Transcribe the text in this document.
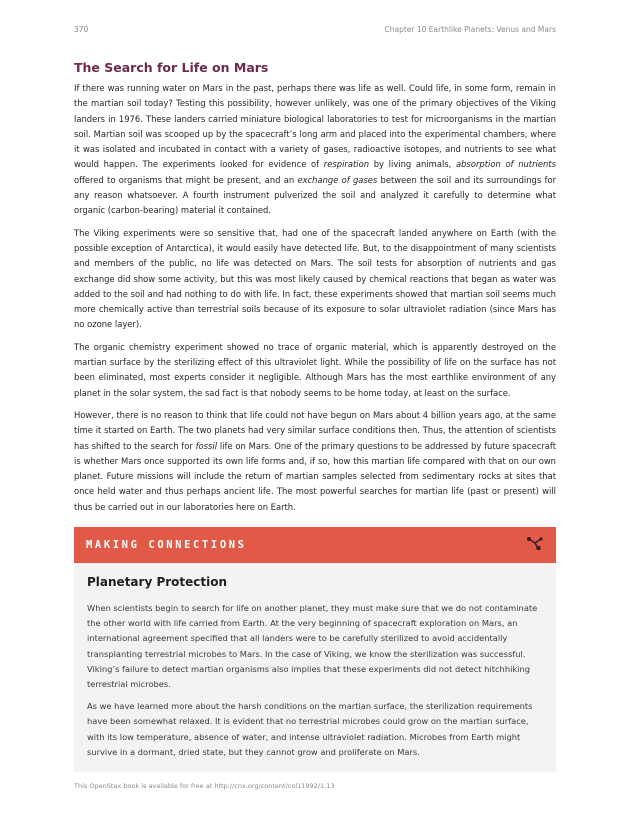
370	Chapter 10 Earthlike Planets: Venus and Mars
The Search for Life on Mars

If there was running water on Mars in the past, perhaps there was life as well. Could life, in some form, remain in the martian soil today? Testing this possibility, however unlikely, was one of the primary objectives of the Viking landers in 1976. These landers carried miniature biological laboratories to test for microorganisms in the martian soil. Martian soil was scooped up by the spacecraft’s long arm and placed into the experimental chambers, where it was isolated and incubated in contact with a variety of gases, radioactive isotopes, and nutrients to see what would happen. The experiments looked for evidence of respiration by living animals, absorption of nutrients offered to organisms that might be present, and an exchange of gases between the soil and its surroundings for any reason whatsoever. A fourth instrument pulverized the soil and analyzed it carefully to determine what organic (carbon-bearing) material it contained.

The Viking experiments were so sensitive that, had one of the spacecraft landed anywhere on Earth (with the possible exception of Antarctica), it would easily have detected life. But, to the disappointment of many scientists and members of the public, no life was detected on Mars. The soil tests for absorption of nutrients and gas exchange did show some activity, but this was most likely caused by chemical reactions that began as water was added to the soil and had nothing to do with life. In fact, these experiments showed that martian soil seems much more chemically active than terrestrial soils because of its exposure to solar ultraviolet radiation (since Mars has no ozone layer).

The organic chemistry experiment showed no trace of organic material, which is apparently destroyed on the martian surface by the sterilizing effect of this ultraviolet light. While the possibility of life on the surface has not been eliminated, most experts consider it negligible. Although Mars has the most earthlike environment of any planet in the solar system, the sad fact is that nobody seems to be home today, at least on the surface.

However, there is no reason to think that life could not have begun on Mars about 4 billion years ago, at the same time it started on Earth. The two planets had very similar surface conditions then. Thus, the attention of scientists has shifted to the search for fossil life on Mars. One of the primary questions to be addressed by future spacecraft is whether Mars once supported its own life forms and, if so, how this martian life compared with that on our own planet. Future missions will include the return of martian samples selected from sedimentary rocks at sites that once held water and thus perhaps ancient life. The most powerful searches for martian life (past or present) will thus be carried out in our laboratories here on Earth.

MAKING CONNECTIONS
Planetary Protection

When scientists begin to search for life on another planet, they must make sure that we do not contaminate the other world with life carried from Earth. At the very beginning of spacecraft exploration on Mars, an international agreement specified that all landers were to be carefully sterilized to avoid accidentally transplanting terrestrial microbes to Mars. In the case of Viking, we know the sterilization was successful. Viking’s failure to detect martian organisms also implies that these experiments did not detect hitchhiking terrestrial microbes.

As we have learned more about the harsh conditions on the martian surface, the sterilization requirements have been somewhat relaxed. It is evident that no terrestrial microbes could grow on the martian surface, with its low temperature, absence of water, and intense ultraviolet radiation. Microbes from Earth might survive in a dormant, dried state, but they cannot grow and proliferate on Mars.

This OpenStax book is available for free at http://cnx.org/content/col11992/1.13
